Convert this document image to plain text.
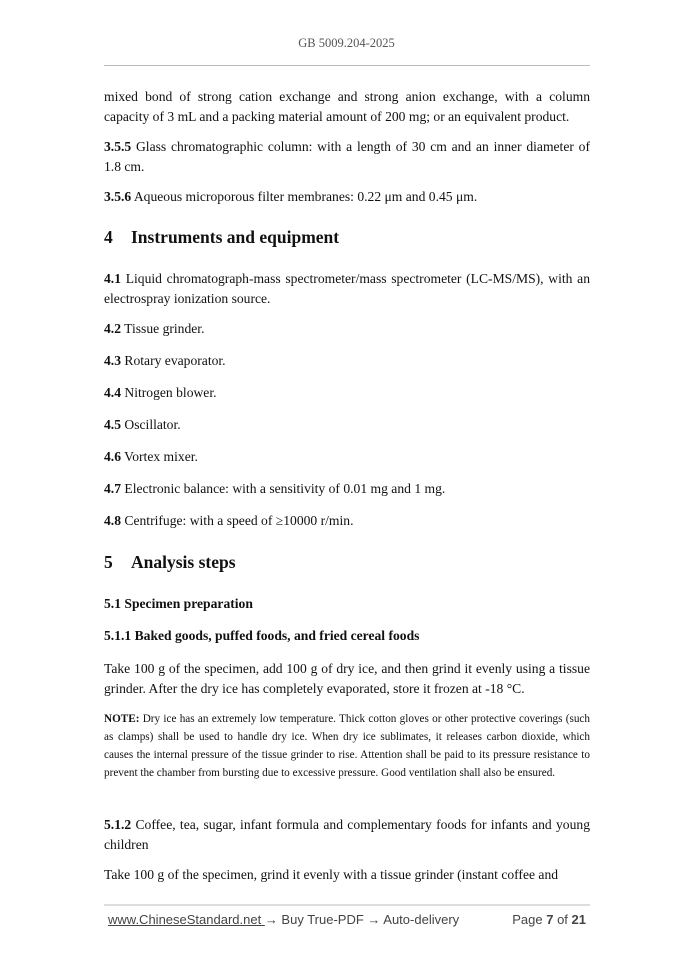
GB 5009.204-2025
mixed bond of strong cation exchange and strong anion exchange, with a column capacity of 3 mL and a packing material amount of 200 mg; or an equivalent product.
3.5.5 Glass chromatographic column: with a length of 30 cm and an inner diameter of 1.8 cm.
3.5.6 Aqueous microporous filter membranes: 0.22 μm and 0.45 μm.
4 Instruments and equipment
4.1 Liquid chromatograph-mass spectrometer/mass spectrometer (LC-MS/MS), with an electrospray ionization source.
4.2 Tissue grinder.
4.3 Rotary evaporator.
4.4 Nitrogen blower.
4.5 Oscillator.
4.6 Vortex mixer.
4.7 Electronic balance: with a sensitivity of 0.01 mg and 1 mg.
4.8 Centrifuge: with a speed of ≥10000 r/min.
5 Analysis steps
5.1 Specimen preparation
5.1.1 Baked goods, puffed foods, and fried cereal foods
Take 100 g of the specimen, add 100 g of dry ice, and then grind it evenly using a tissue grinder. After the dry ice has completely evaporated, store it frozen at -18 °C.
NOTE: Dry ice has an extremely low temperature. Thick cotton gloves or other protective coverings (such as clamps) shall be used to handle dry ice. When dry ice sublimates, it releases carbon dioxide, which causes the internal pressure of the tissue grinder to rise. Attention shall be paid to its pressure resistance to prevent the chamber from bursting due to excessive pressure. Good ventilation shall also be ensured.
5.1.2 Coffee, tea, sugar, infant formula and complementary foods for infants and young children
Take 100 g of the specimen, grind it evenly with a tissue grinder (instant coffee and
www.ChineseStandard.net → Buy True-PDF → Auto-delivery	Page 7 of 21
